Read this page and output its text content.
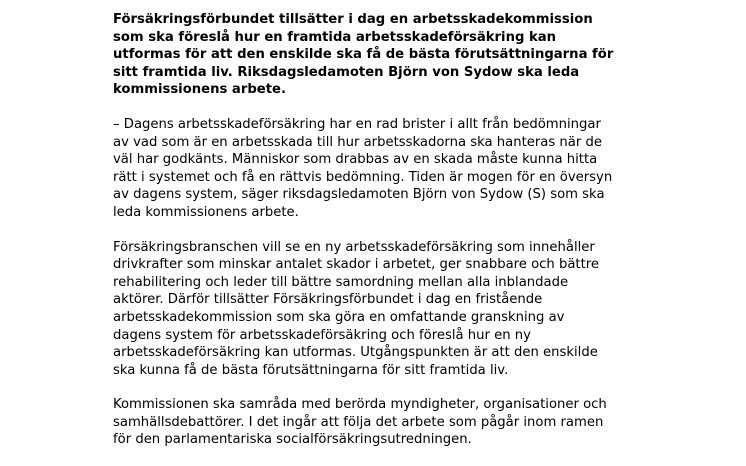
Försäkringsförbundet tillsätter i dag en arbetsskadekommission
som ska föreslå hur en framtida arbetsskadeförsäkring kan
utformas för att den enskilde ska få de bästa förutsättningarna för
sitt framtida liv. Riksdagsledamoten Björn von Sydow ska leda
kommissionens arbete.

– Dagens arbetsskadeförsäkring har en rad brister i allt från bedömningar
av vad som är en arbetsskada till hur arbetsskadorna ska hanteras när de
väl har godkänts. Människor som drabbas av en skada måste kunna hitta
rätt i systemet och få en rättvis bedömning. Tiden är mogen för en översyn
av dagens system, säger riksdagsledamoten Björn von Sydow (S) som ska
leda kommissionens arbete.

Försäkringsbranschen vill se en ny arbetsskadeförsäkring som innehåller
drivkrafter som minskar antalet skador i arbetet, ger snabbare och bättre
rehabilitering och leder till bättre samordning mellan alla inblandade
aktörer. Därför tillsätter Försäkringsförbundet i dag en fristående
arbetsskadekommission som ska göra en omfattande granskning av
dagens system för arbetsskadeförsäkring och föreslå hur en ny
arbetsskadeförsäkring kan utformas. Utgångspunkten är att den enskilde
ska kunna få de bästa förutsättningarna för sitt framtida liv.

Kommissionen ska samråda med berörda myndigheter, organisationer och
samhällsdebattörer. I det ingår att följa det arbete som pågår inom ramen
för den parlamentariska socialförsäkringsutredningen.
